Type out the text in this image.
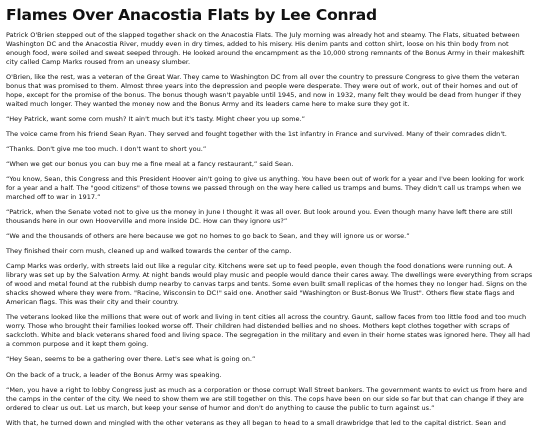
Flames Over Anacostia Flats by Lee Conrad

Patrick O'Brien stepped out of the slapped together shack on the Anacostia Flats. The July morning was already hot and steamy. The Flats, situated between Washington DC and the Anacostia River, muddy even in dry times, added to his misery. His denim pants and cotton shirt, loose on his thin body from not enough food, were soiled and sweat seeped through. He looked around the encampment as the 10,000 strong remnants of the Bonus Army in their makeshift city called Camp Marks roused from an uneasy slumber.

O'Brien, like the rest, was a veteran of the Great War. They came to Washington DC from all over the country to pressure Congress to give them the veteran bonus that was promised to them. Almost three years into the depression and people were desperate. They were out of work, out of their homes and out of hope, except for the promise of the bonus. The bonus though wasn't payable until 1945, and now in 1932, many felt they would be dead from hunger if they waited much longer. They wanted the money now and the Bonus Army and its leaders came here to make sure they got it.

“Hey Patrick, want some corn mush? It ain't much but it's tasty. Might cheer you up some.”

The voice came from his friend Sean Ryan. They served and fought together with the 1st infantry in France and survived. Many of their comrades didn't.

“Thanks. Don't give me too much. I don't want to short you.”

“When we get our bonus you can buy me a fine meal at a fancy restaurant,” said Sean.

“You know, Sean, this Congress and this President Hoover ain't going to give us anything. You have been out of work for a year and I've been looking for work for a year and a half. The "good citizens" of those towns we passed through on the way here called us tramps and bums. They didn't call us tramps when we marched off to war in 1917.”

“Patrick, when the Senate voted not to give us the money in June I thought it was all over. But look around you. Even though many have left there are still thousands here in our own Hooverville and more inside DC. How can they ignore us?”

“We and the thousands of others are here because we got no homes to go back to Sean, and they will ignore us or worse.”

They finished their corn mush, cleaned up and walked towards the center of the camp.

Camp Marks was orderly, with streets laid out like a regular city. Kitchens were set up to feed people, even though the food donations were running out. A library was set up by the Salvation Army. At night bands would play music and people would dance their cares away. The dwellings were everything from scraps of wood and metal found at the rubbish dump nearby to canvas tarps and tents. Some even built small replicas of the homes they no longer had. Signs on the shacks showed where they were from. "Racine, Wisconsin to DC!" said one. Another said "Washington or Bust-Bonus We Trust". Others flew state flags and American flags. This was their city and their country.

The veterans looked like the millions that were out of work and living in tent cities all across the country. Gaunt, sallow faces from too little food and too much worry. Those who brought their families looked worse off. Their children had distended bellies and no shoes. Mothers kept clothes together with scraps of sackcloth. White and black veterans shared food and living space. The segregation in the military and even in their home states was ignored here. They all had a common purpose and it kept them going.

“Hey Sean, seems to be a gathering over there. Let's see what is going on.”

On the back of a truck, a leader of the Bonus Army was speaking.

“Men, you have a right to lobby Congress just as much as a corporation or those corrupt Wall Street bankers. The government wants to evict us from here and the camps in the center of the city. We need to show them we are still together on this. The cops have been on our side so far but that can change if they are ordered to clear us out. Let us march, but keep your sense of humor and don't do anything to cause the public to turn against us.”

With that, he turned down and mingled with the other veterans as they all began to head to a small drawbridge that led to the capital district. Sean and
